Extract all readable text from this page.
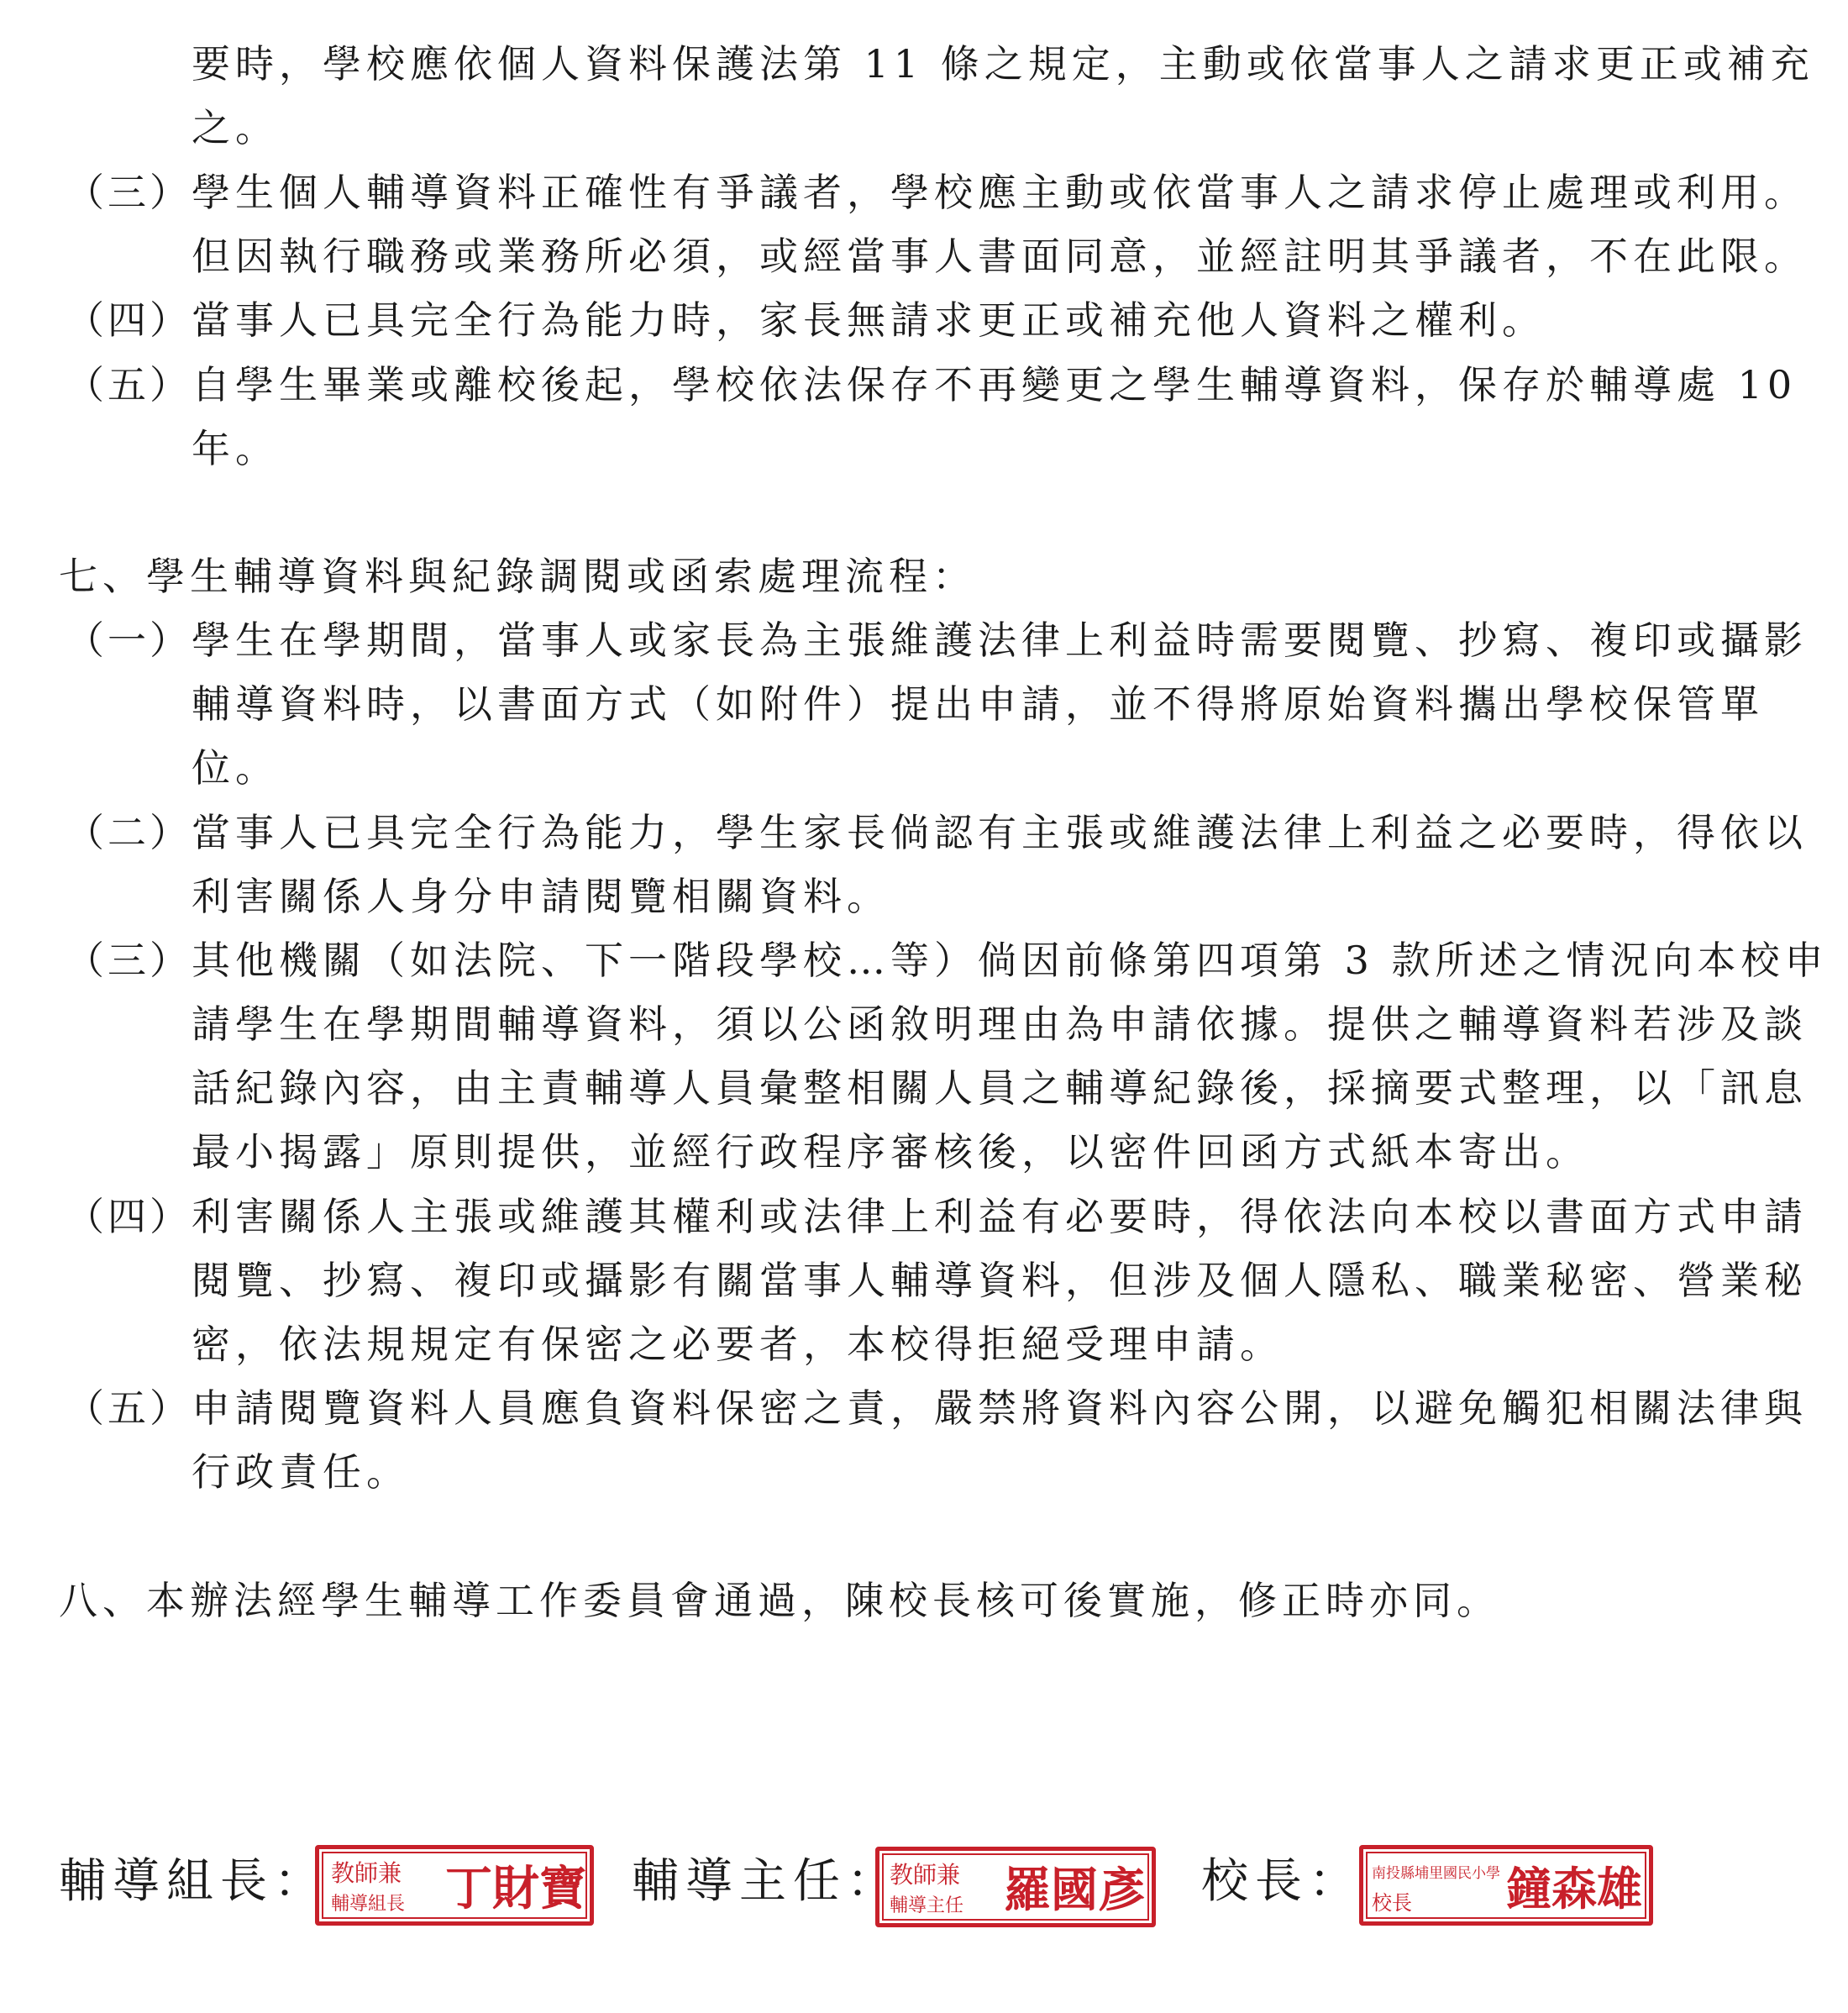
要時，學校應依個人資料保護法第 11 條之規定，主動或依當事人之請求更正或補充
之。
（三） 學生個人輔導資料正確性有爭議者，學校應主動或依當事人之請求停止處理或利用。
但因執行職務或業務所必須，或經當事人書面同意，並經註明其爭議者，不在此限。
（四） 當事人已具完全行為能力時，家長無請求更正或補充他人資料之權利。
（五） 自學生畢業或離校後起，學校依法保存不再變更之學生輔導資料，保存於輔導處 10
年。
七、學生輔導資料與紀錄調閱或函索處理流程：
（一） 學生在學期間，當事人或家長為主張維護法律上利益時需要閱覽、抄寫、複印或攝影
輔導資料時，以書面方式（如附件）提出申請，並不得將原始資料攜出學校保管單
位。
（二） 當事人已具完全行為能力，學生家長倘認有主張或維護法律上利益之必要時，得依以
利害關係人身分申請閱覽相關資料。
（三） 其他機關（如法院、下一階段學校…等）倘因前條第四項第 3 款所述之情況向本校申
請學生在學期間輔導資料，須以公函敘明理由為申請依據。提供之輔導資料若涉及談
話紀錄內容，由主責輔導人員彙整相關人員之輔導紀錄後，採摘要式整理，以「訊息
最小揭露」原則提供，並經行政程序審核後，以密件回函方式紙本寄出。
（四） 利害關係人主張或維護其權利或法律上利益有必要時，得依法向本校以書面方式申請
閱覽、抄寫、複印或攝影有關當事人輔導資料，但涉及個人隱私、職業秘密、營業秘
密，依法規規定有保密之必要者，本校得拒絕受理申請。
（五） 申請閱覽資料人員應負資料保密之責，嚴禁將資料內容公開，以避免觸犯相關法律與
行政責任。
八、本辦法經學生輔導工作委員會通過，陳校長核可後實施，修正時亦同。
輔導組長： 教師兼
輔導組長 丁財寶 輔導主任：
教師兼
輔導主任 羅國彥 校長： 南投縣埔里國民小學
校長 鐘森雄
